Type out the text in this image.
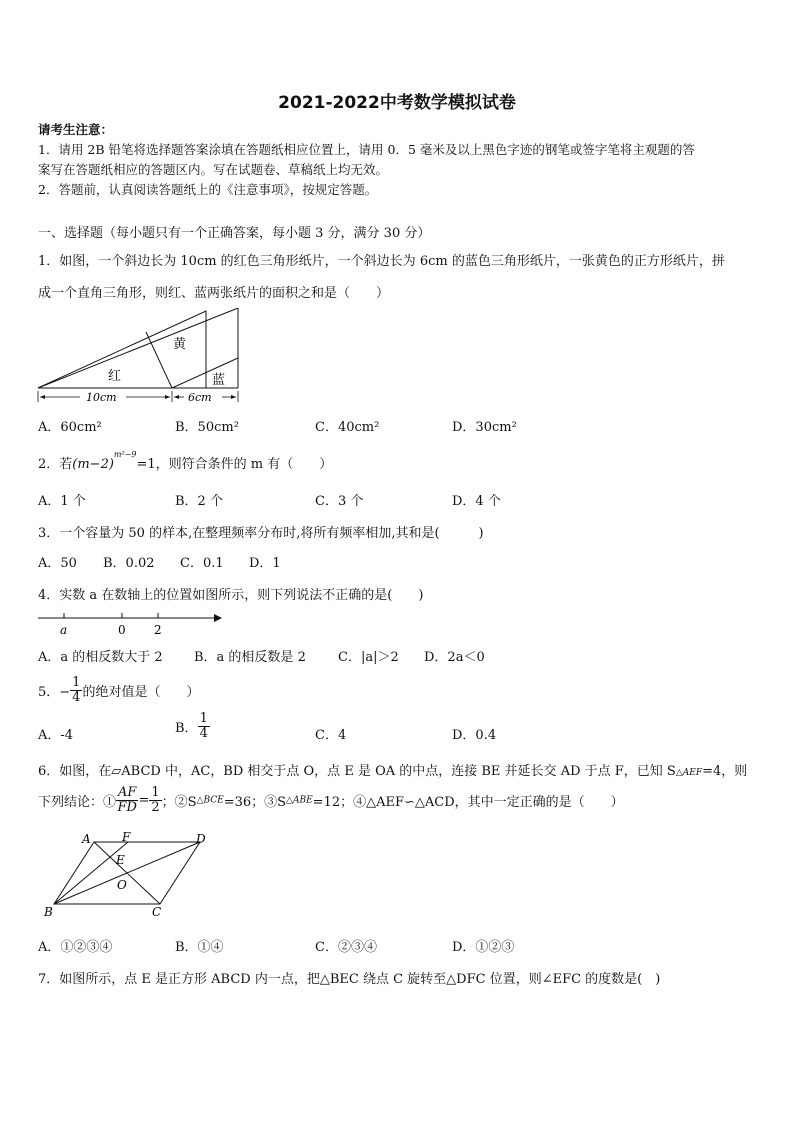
2021-2022中考数学模拟试卷
请考生注意：
1．请用 2B 铅笔将选择题答案涂填在答题纸相应位置上，请用 0．5 毫米及以上黑色字迹的钢笔或签字笔将主观题的答
案写在答题纸相应的答题区内。写在试题卷、草稿纸上均无效。
2．答题前，认真阅读答题纸上的《注意事项》，按规定答题。
一、选择题（每小题只有一个正确答案，每小题 3 分，满分 30 分）
1．如图，一个斜边长为 10cm 的红色三角形纸片，一个斜边长为 6cm 的蓝色三角形纸片，一张黄色的正方形纸片，拼
成一个直角三角形，则红、蓝两张纸片的面积之和是（　　）
黄
红	蓝
10cm	6cm
A．60cm²	B．50cm²	C．40cm²	D．30cm²
2．若$(m-2)^{m^2-9}=1$，则符合条件的 m 有（　　）
A．1 个	B．2 个	C．3 个	D．4 个
3．一个容量为 50 的样本,在整理频率分布时,将所有频率相加,其和是(　　　)
A．50 B．0.02 C．0.1 D．1
4．实数 a 在数轴上的位置如图所示，则下列说法不正确的是(　　)
a	0 2
A．a 的相反数大于 2 B．a 的相反数是 2 C．|a|＞2 D．2a＜0
5．− $\frac{1}{4}$ 的绝对值是（　　）
A．-4	B． $\frac{1}{4}$	C．4	D．0.4
6．如图，在▱ABCD 中，AC，BD 相交于点 O，点 E 是 OA 的中点，连接 BE 并延长交 AD 于点 F，已知 S△AEF=4，则
下列结论：① $\frac{AF}{FD} = \frac{1}{2}$ ；②S△BCE=36；③S△ABE=12；④△AEF∽△ACD，其中一定正确的是（　　）
A	F	D
E
O
B	C
A．①②③④	B．①④	C．②③④	D．①②③
7．如图所示，点 E 是正方形 ABCD 内一点，把△BEC 绕点 C 旋转至△DFC 位置，则∠EFC 的度数是(　)
